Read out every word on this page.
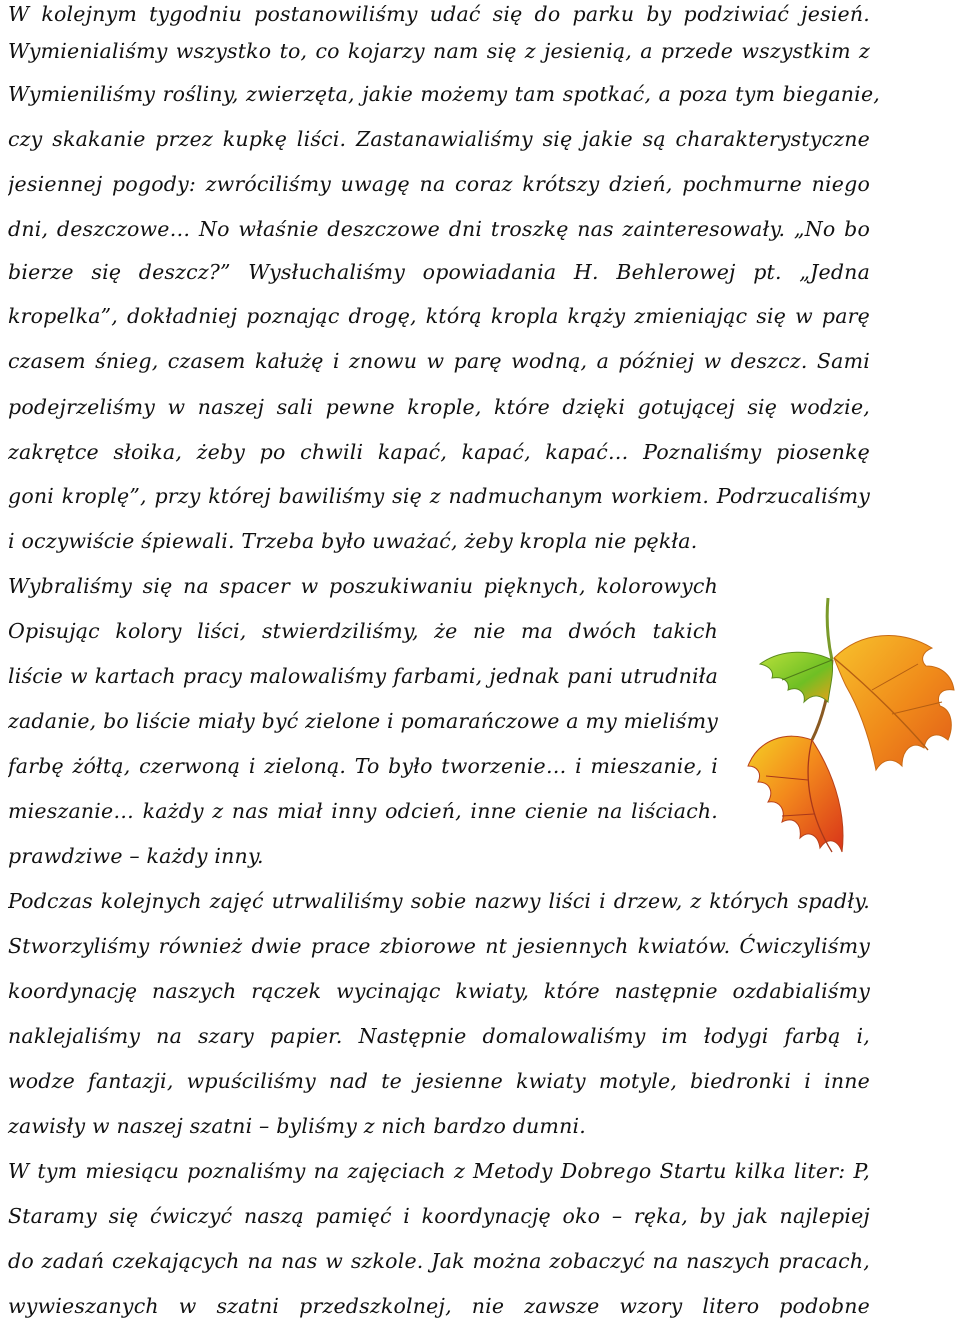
W kolejnym tygodniu postanowiliśmy udać się do parku by podziwiać jesień.
Wymienialiśmy wszystko to, co kojarzy nam się z jesienią, a przede wszystkim z
Wymieniliśmy rośliny, zwierzęta, jakie możemy tam spotkać, a poza tym bieganie,
czy skakanie przez kupkę liści. Zastanawialiśmy się jakie są charakterystyczne
jesiennej pogody: zwróciliśmy uwagę na coraz krótszy dzień, pochmurne niego
dni, deszczowe… No właśnie deszczowe dni troszkę nas zainteresowały. „No bo
bierze się deszcz?” Wysłuchaliśmy opowiadania H. Behlerowej pt. „Jedna
kropelka”, dokładniej poznając drogę, którą kropla krąży zmieniając się w parę
czasem śnieg, czasem kałużę i znowu w parę wodną, a później w deszcz. Sami
podejrzeliśmy w naszej sali pewne krople, które dzięki gotującej się wodzie,
zakrętce słoika, żeby po chwili kapać, kapać, kapać… Poznaliśmy piosenkę
goni kroplę”, przy której bawiliśmy się z nadmuchanym workiem. Podrzucaliśmy
i oczywiście śpiewali. Trzeba było uważać, żeby kropla nie pękła.
Wybraliśmy się na spacer w poszukiwaniu pięknych, kolorowych
Opisując kolory liści, stwierdziliśmy, że nie ma dwóch takich
liście w kartach pracy malowaliśmy farbami, jednak pani utrudniła
zadanie, bo liście miały być zielone i pomarańczowe a my mieliśmy
farbę żółtą, czerwoną i zieloną. To było tworzenie… i mieszanie, i
mieszanie… każdy z nas miał inny odcień, inne cienie na liściach.
prawdziwe – każdy inny.
Podczas kolejnych zajęć utrwaliliśmy sobie nazwy liści i drzew, z których spadły.
Stworzyliśmy również dwie prace zbiorowe nt jesiennych kwiatów. Ćwiczyliśmy
koordynację naszych rączek wycinając kwiaty, które następnie ozdabialiśmy
naklejaliśmy na szary papier. Następnie domalowaliśmy im łodygi farbą i,
wodze fantazji, wpuściliśmy nad te jesienne kwiaty motyle, biedronki i inne
zawisły w naszej szatni – byliśmy z nich bardzo dumni.
W tym miesiącu poznaliśmy na zajęciach z Metody Dobrego Startu kilka liter: P,
Staramy się ćwiczyć naszą pamięć i koordynację oko – ręka, by jak najlepiej
do zadań czekających na nas w szkole. Jak można zobaczyć na naszych pracach,
wywieszanych w szatni przedszkolnej, nie zawsze wzory litero podobne
